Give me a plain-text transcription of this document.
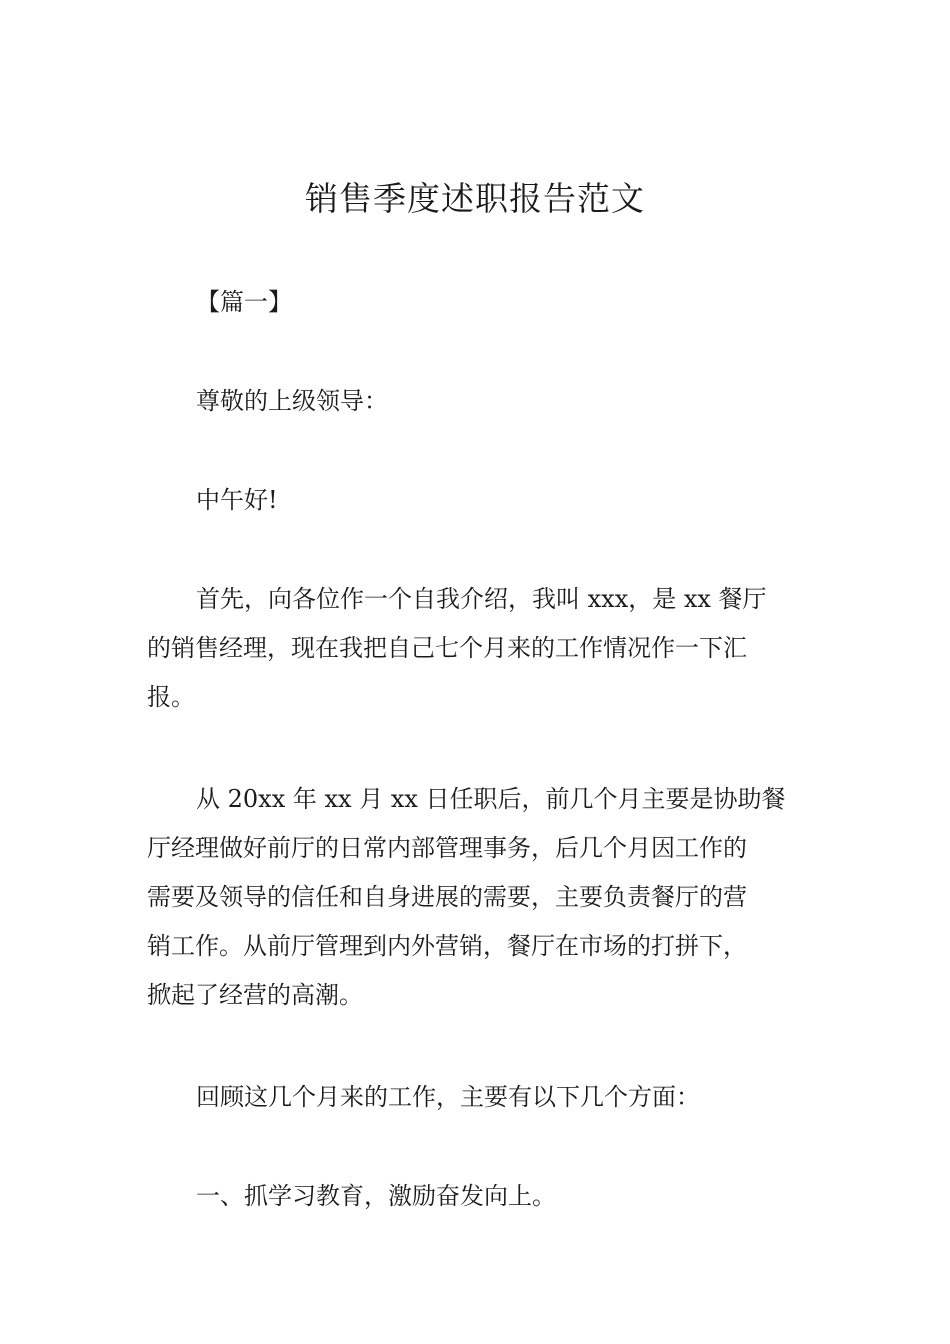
销售季度述职报告范文

【篇一】

尊敬的上级领导：

中午好!

首先，向各位作一个自我介绍，我叫 xxx，是 xx 餐厅
的销售经理，现在我把自己七个月来的工作情况作一下汇
报。

从 20xx 年 xx 月 xx 日任职后，前几个月主要是协助餐
厅经理做好前厅的日常内部管理事务，后几个月因工作的
需要及领导的信任和自身进展的需要，主要负责餐厅的营
销工作。从前厅管理到内外营销，餐厅在市场的打拼下，
掀起了经营的高潮。

回顾这几个月来的工作，主要有以下几个方面：

一、抓学习教育，激励奋发向上。
